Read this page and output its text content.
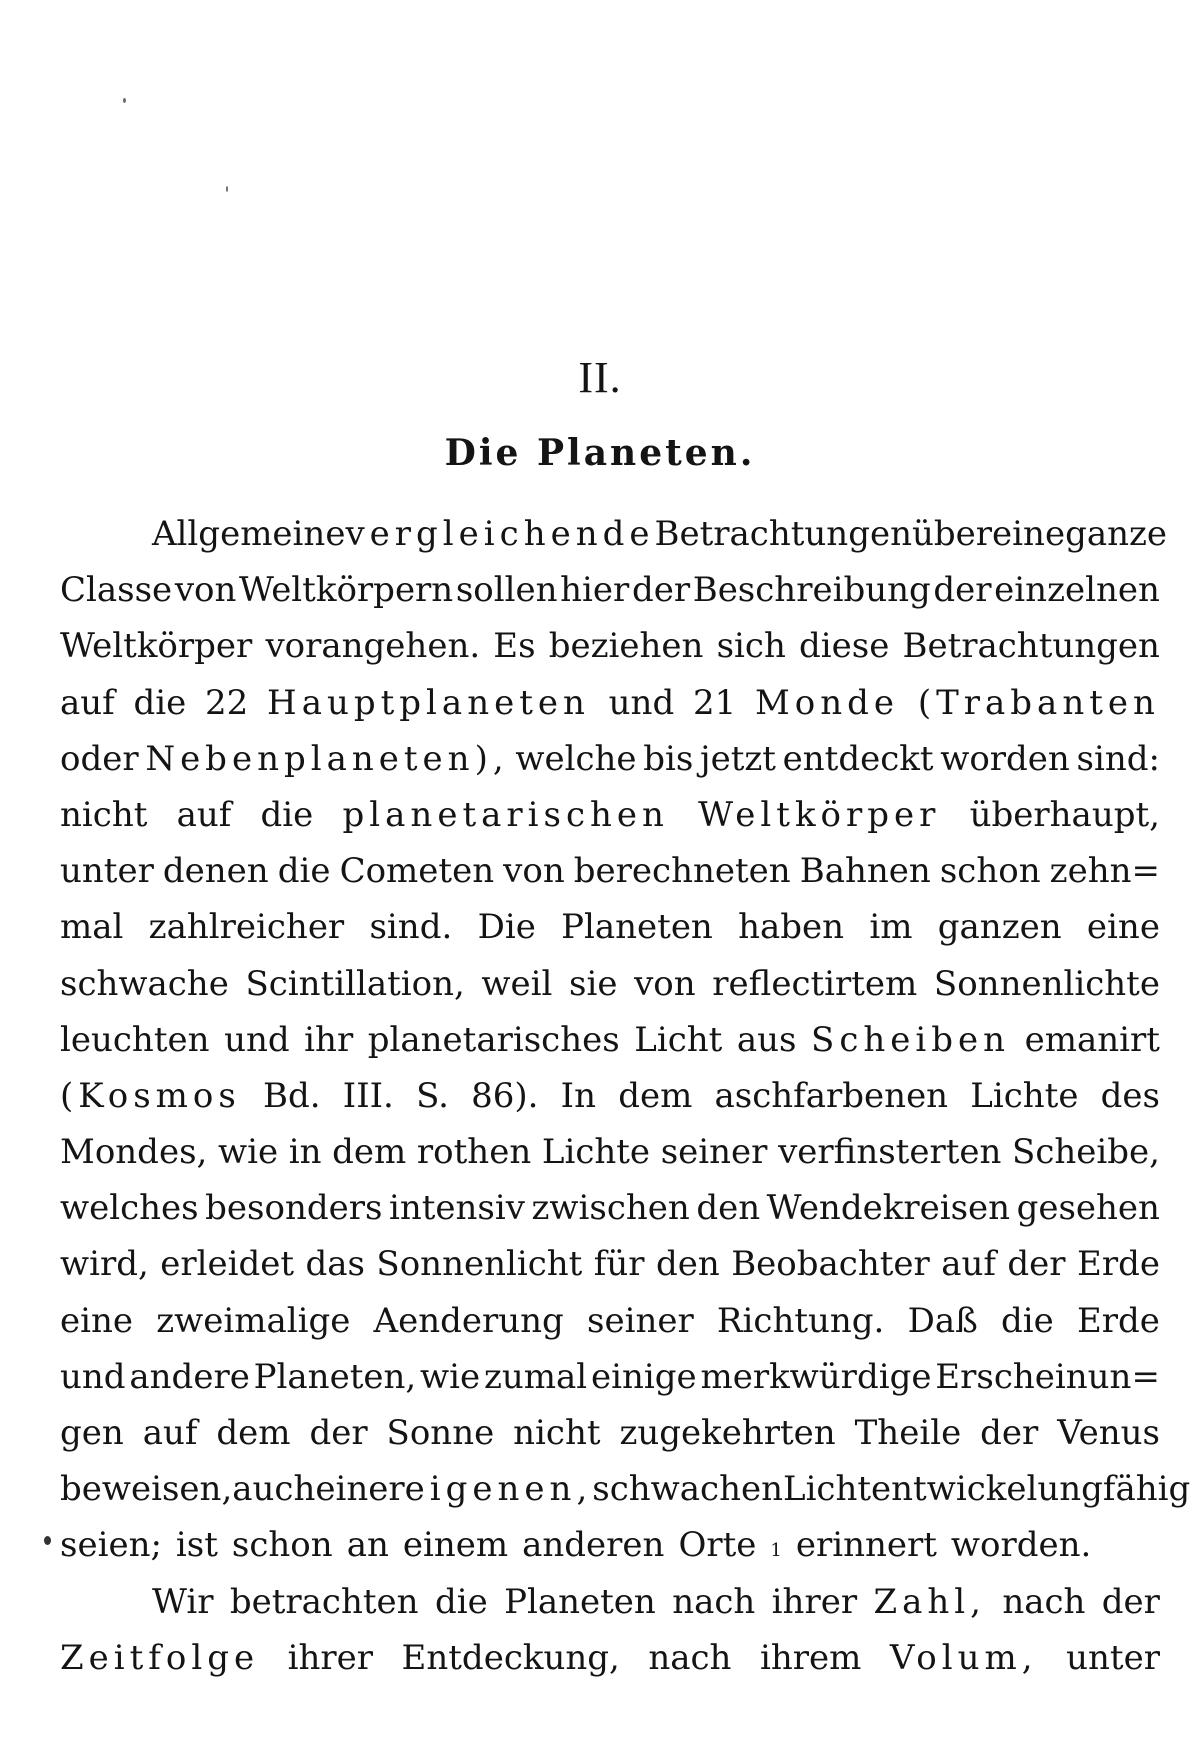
II.
Die Planeten.
Allgemeine vergleichende Betrachtungen über eine ganze
Classe von Weltkörpern sollen hier der Beschreibung der einzelnen
Weltkörper vorangehen. Es beziehen sich diese Betrachtungen
auf die 22 Hauptplaneten und 21 Monde (Trabanten
oder Nebenplaneten), welche bis jetzt entdeckt worden sind:
nicht auf die planetarischen Weltkörper überhaupt,
unter denen die Cometen von berechneten Bahnen schon zehn=
mal zahlreicher sind. Die Planeten haben im ganzen eine
schwache Scintillation, weil sie von reflectirtem Sonnenlichte
leuchten und ihr planetarisches Licht aus Scheiben emanirt
(Kosmos Bd. III. S. 86). In dem aschfarbenen Lichte des
Mondes, wie in dem rothen Lichte seiner verfinsterten Scheibe,
welches besonders intensiv zwischen den Wendekreisen gesehen
wird, erleidet das Sonnenlicht für den Beobachter auf der Erde
eine zweimalige Aenderung seiner Richtung. Daß die Erde
und andere Planeten, wie zumal einige merkwürdige Erscheinun=
gen auf dem der Sonne nicht zugekehrten Theile der Venus
beweisen, auch einer eigenen, schwachen Lichtentwickelung fähig
seien; ist schon an einem anderen Orte 1 erinnert worden.
Wir betrachten die Planeten nach ihrer Zahl, nach der
Zeitfolge ihrer Entdeckung, nach ihrem Volum, unter
